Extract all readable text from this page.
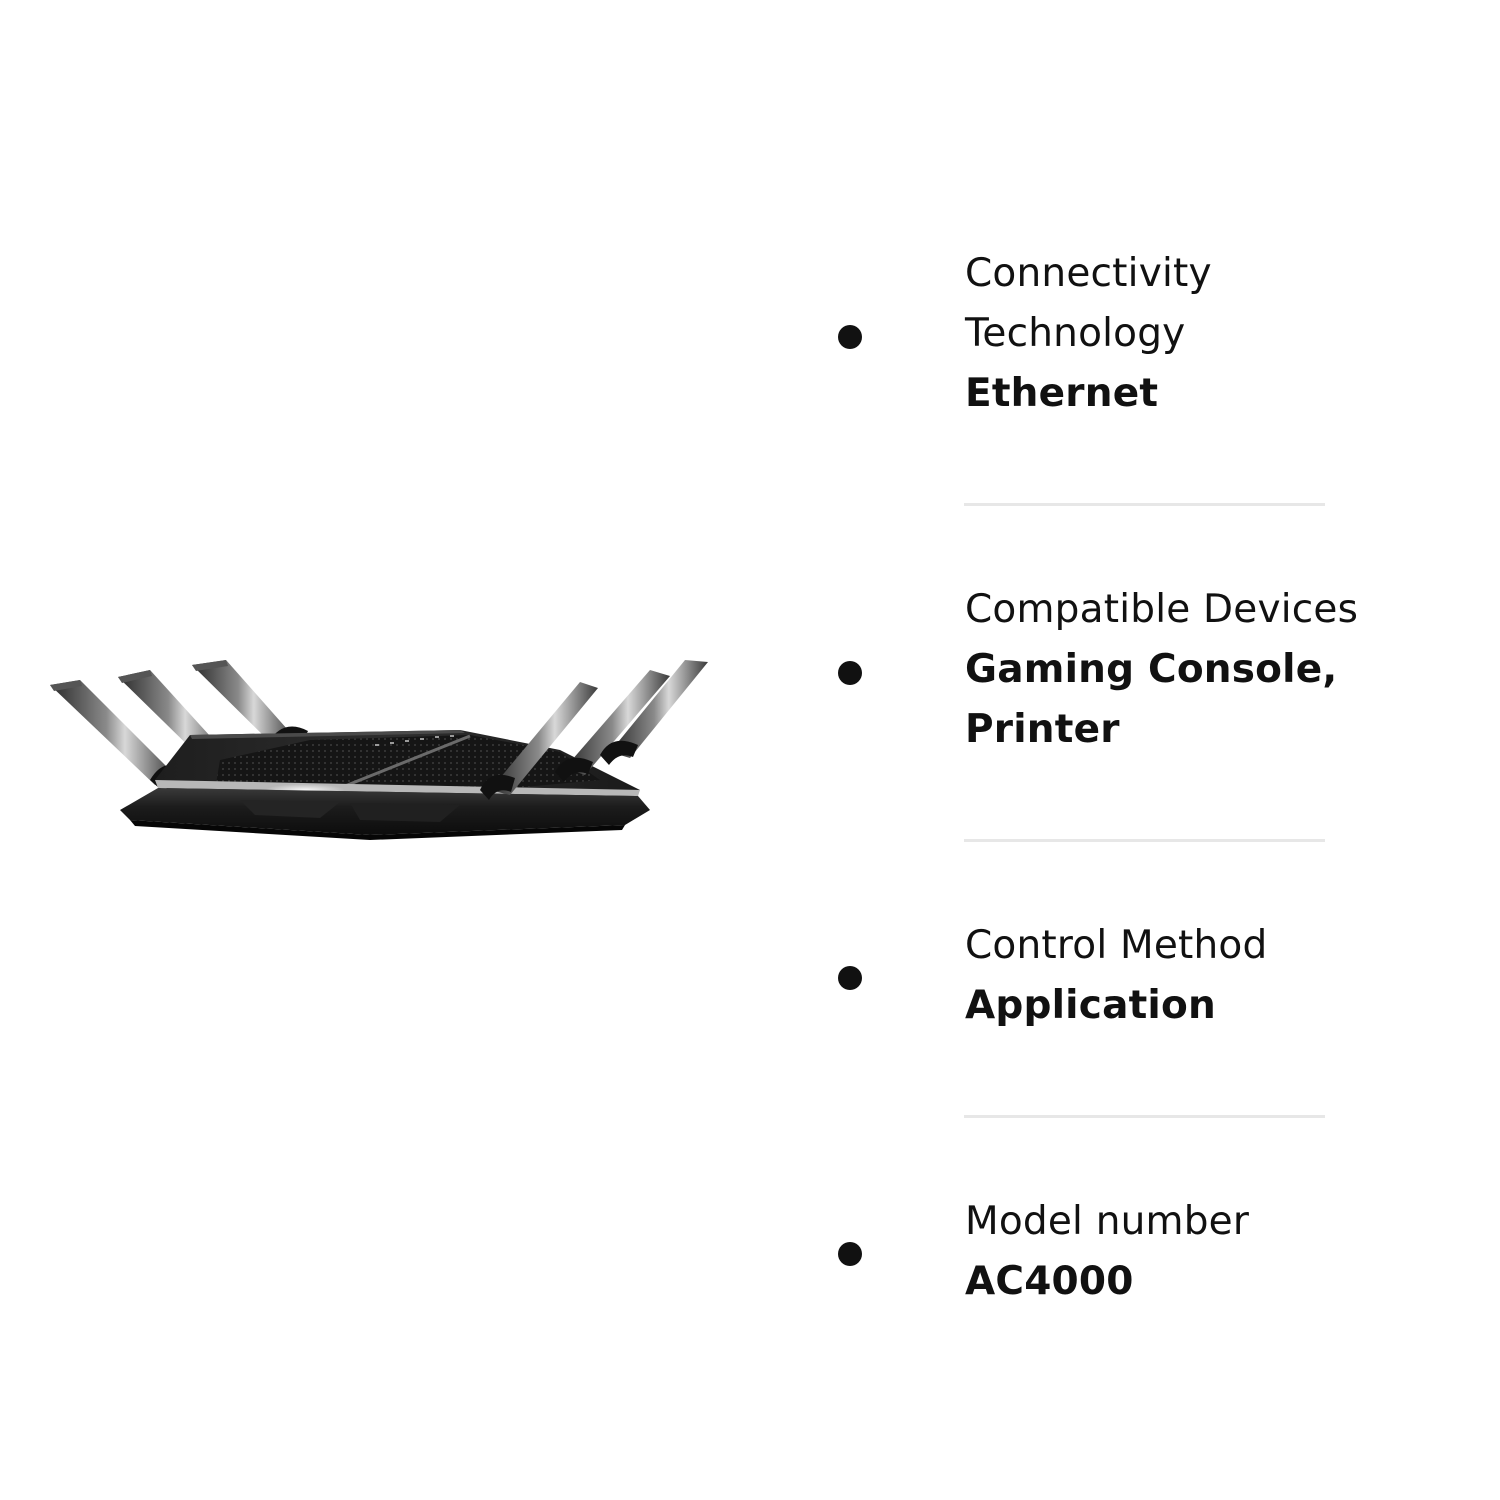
Connectivity
Technology
Ethernet
Compatible Devices
Gaming Console,
Printer
Control Method
Application
Model number
AC4000
